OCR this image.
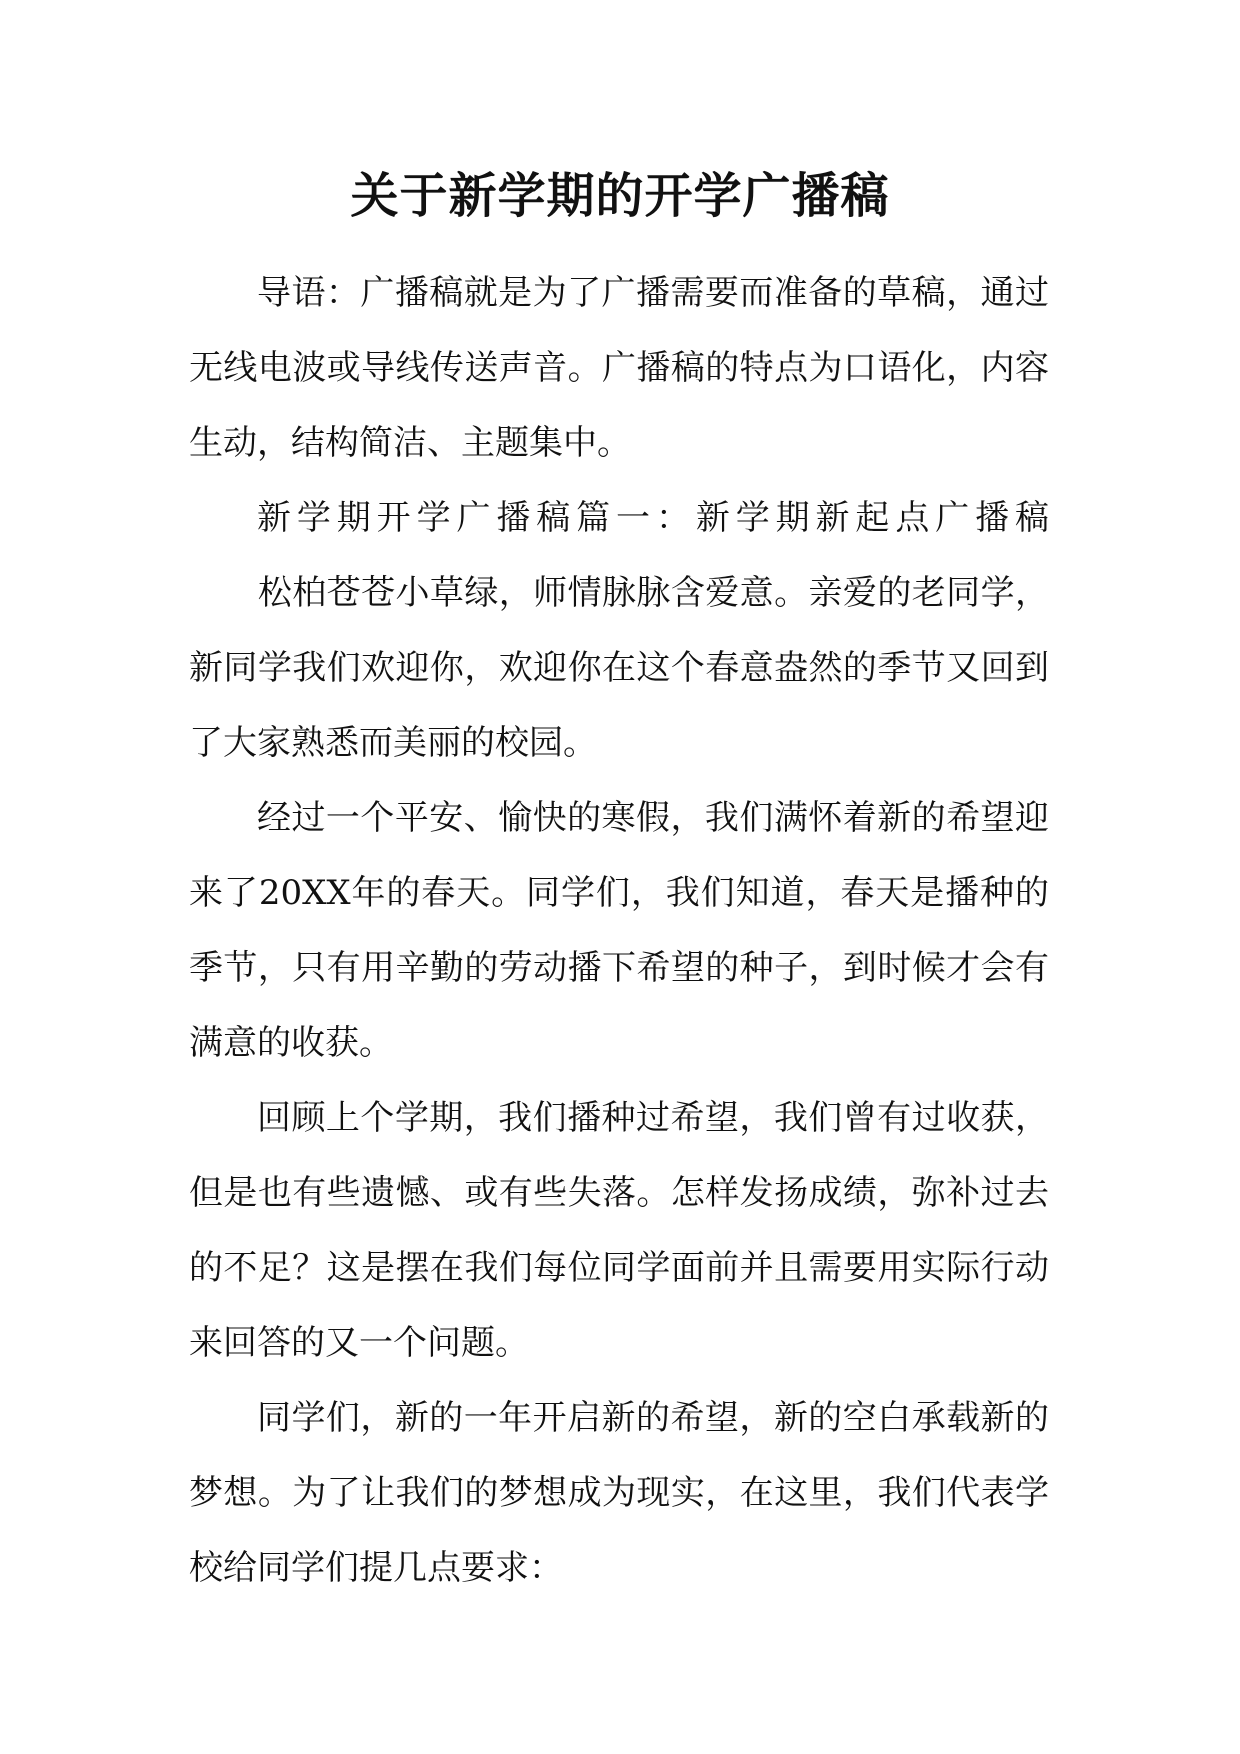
关于新学期的开学广播稿

导语：广播稿就是为了广播需要而准备的草稿，通过无线电波或导线传送声音。广播稿的特点为口语化，内容生动，结构简洁、主题集中。

新学期开学广播稿篇一：新学期新起点广播稿 　　松柏苍苍小草绿，师情脉脉含爱意。亲爱的老同学，新同学我们欢迎你，欢迎你在这个春意盎然的季节又回到了大家熟悉而美丽的校园。

经过一个平安、愉快的寒假，我们满怀着新的希望迎来了20XX年的春天。同学们，我们知道，春天是播种的季节，只有用辛勤的劳动播下希望的种子，到时候才会有满意的收获。

回顾上个学期，我们播种过希望，我们曾有过收获，但是也有些遗憾、或有些失落。怎样发扬成绩，弥补过去的不足？这是摆在我们每位同学面前并且需要用实际行动来回答的又一个问题。

同学们，新的一年开启新的希望，新的空白承载新的梦想。为了让我们的梦想成为现实，在这里，我们代表学校给同学们提几点要求：
